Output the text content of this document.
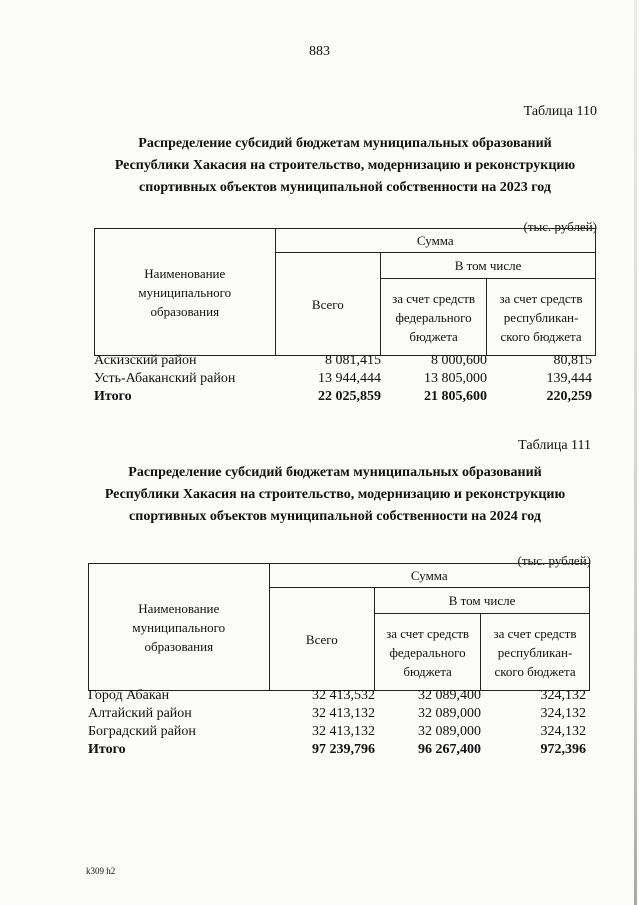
883
Таблица 110
Распределение субсидий бюджетам муниципальных образований
Республики Хакасия на строительство, модернизацию и реконструкцию
спортивных объектов муниципальной собственности на 2023 год
(тыс. рублей)
Наименование муниципального образования	Сумма		
	Всего	В том числе	

		за счет средств федерального бюджета	за счет средств республикан-ского бюджета
Аскизский район	8 081,415	8 000,600	80,815
Усть-Абаканский район	13 944,444	13 805,000	139,444
Итого	22 025,859	21 805,600	220,259
Таблица 111
Распределение субсидий бюджетам муниципальных образований
Республики Хакасия на строительство, модернизацию и реконструкцию
спортивных объектов муниципальной собственности на 2024 год
(тыс. рублей)
Наименование муниципального образования	Сумма		
	Всего	В том числе	

		за счет средств федерального бюджета	за счет средств республикан-ского бюджета
Город Абакан	32 413,532	32 089,400	324,132
Алтайский район	32 413,132	32 089,000	324,132
Боградский район	32 413,132	32 089,000	324,132
Итого	97 239,796	96 267,400	972,396
k309 h2
